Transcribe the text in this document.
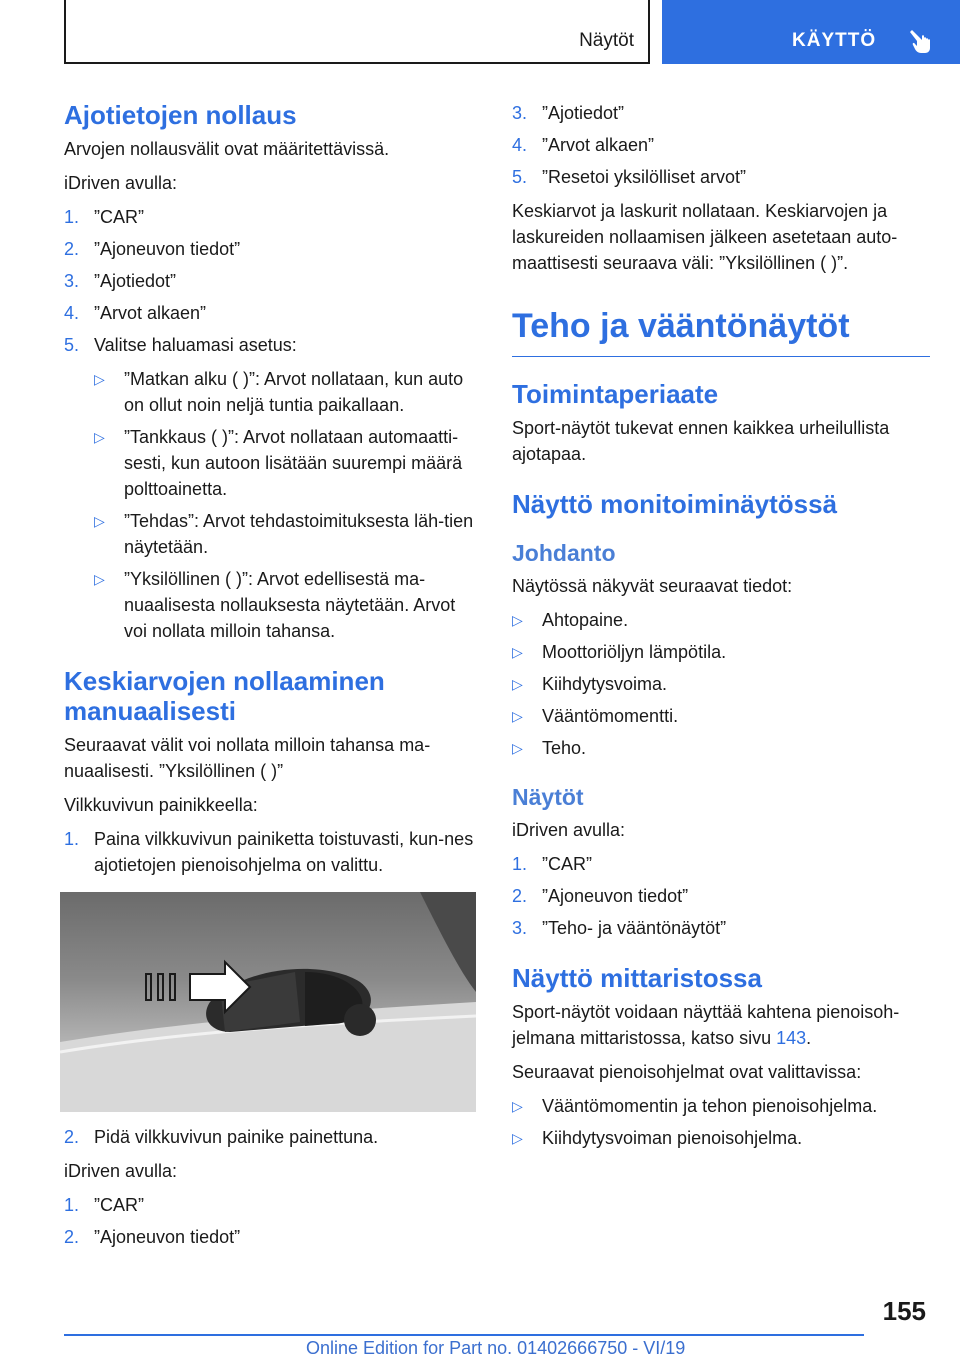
Näytöt	KÄYTTÖ
Ajotietojen nollaus

Arvojen nollausvälit ovat määritettävissä.

iDriven avulla:

1. ”CAR”
2. ”Ajoneuvon tiedot”
3. ”Ajotiedot”
4. ”Arvot alkaen”
5. Valitse haluamasi asetus:
▷ ”Matkan alku ( )”: Arvot nollataan, kun auto on ollut noin neljä tuntia paikallaan.
▷ ”Tankkaus ( )”: Arvot nollataan automaatti-sesti, kun autoon lisätään suurempi määrä polttoainetta.
▷ ”Tehdas”: Arvot tehdastoimituksesta läh-tien näytetään.
▷ ”Yksilöllinen ( )”: Arvot edellisestä ma-nuaalisesta nollauksesta näytetään. Arvot voi nollata milloin tahansa.
Keskiarvojen nollaaminen manuaalisesti

Seuraavat välit voi nollata milloin tahansa ma-nuaalisesti. ”Yksilöllinen ( )”

Vilkkuvivun painikkeella:

1. Paina vilkkuvivun painiketta toistuvasti, kun-nes ajotietojen pienoisohjelma on valittu.
2. Pidä vilkkuvivun painike painettuna.

iDriven avulla:

1. ”CAR”
2. ”Ajoneuvon tiedot”
3. ”Ajotiedot”
4. ”Arvot alkaen”
5. ”Resetoi yksilölliset arvot”

Keskiarvot ja laskurit nollataan. Keskiarvojen ja laskureiden nollaamisen jälkeen asetetaan auto-maattisesti seuraava väli: ”Yksilöllinen ( )”.

Teho ja vääntönäytöt
Toimintaperiaate

Sport-näytöt tukevat ennen kaikkea urheilullista ajotapaa.

Näyttö monitoiminäytössä
Johdanto

Näytössä näkyvät seuraavat tiedot:

▷ Ahtopaine.
▷ Moottoriöljyn lämpötila.
▷ Kiihdytysvoima.
▷ Vääntömomentti.
▷ Teho.
Näytöt

iDriven avulla:

1. ”CAR”
2. ”Ajoneuvon tiedot”
3. ”Teho- ja vääntönäytöt”
Näyttö mittaristossa

Sport-näytöt voidaan näyttää kahtena pienoisoh-jelmana mittaristossa, katso sivu 143.

Seuraavat pienoisohjelmat ovat valittavissa:

▷ Vääntömomentin ja tehon pienoisohjelma.
▷ Kiihdytysvoiman pienoisohjelma.
155
Online Edition for Part no. 01402666750 - VI/19
